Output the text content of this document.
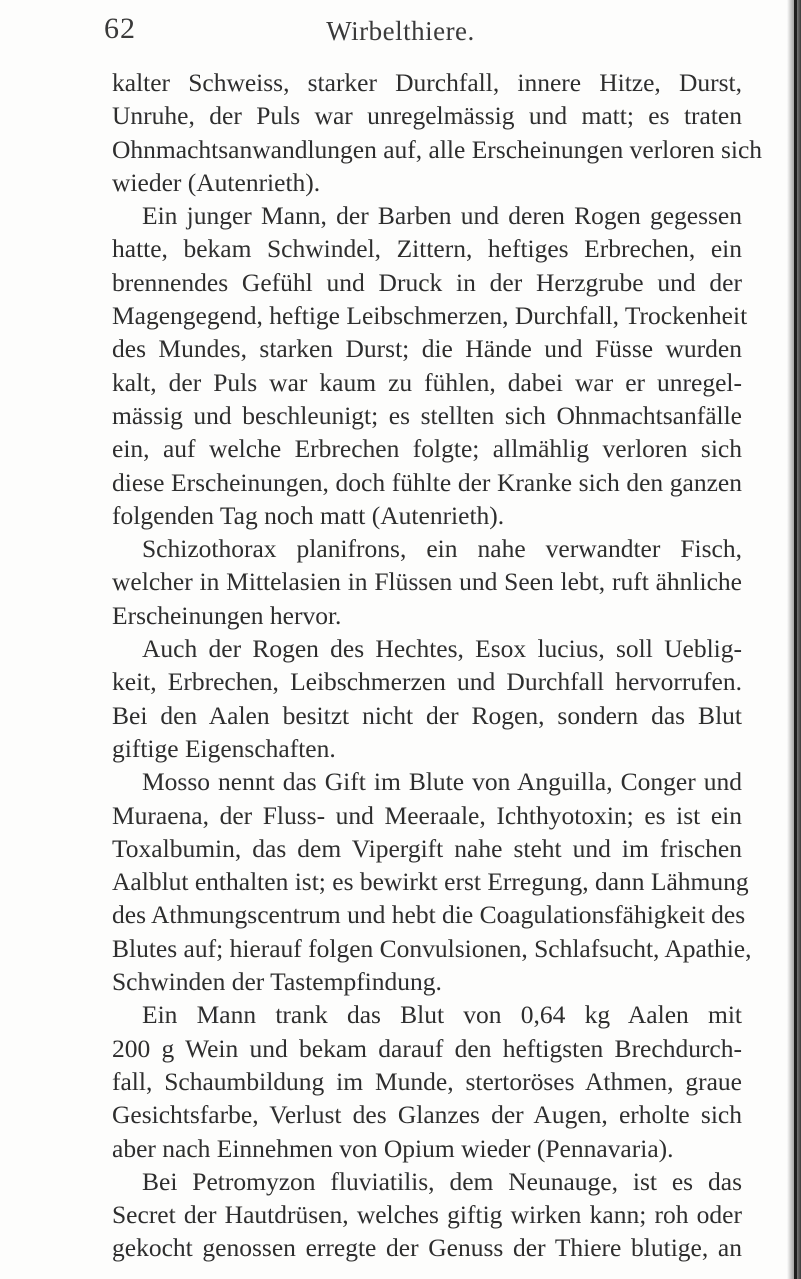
62	Wirbelthiere.
kalter Schweiss, starker Durchfall, innere Hitze, Durst,
Unruhe, der Puls war unregelmässig und matt; es traten
Ohnmachtsanwandlungen auf, alle Erscheinungen verloren sich
wieder (Autenrieth).
Ein junger Mann, der Barben und deren Rogen gegessen
hatte, bekam Schwindel, Zittern, heftiges Erbrechen, ein
brennendes Gefühl und Druck in der Herzgrube und der
Magengegend, heftige Leibschmerzen, Durchfall, Trockenheit
des Mundes, starken Durst; die Hände und Füsse wurden
kalt, der Puls war kaum zu fühlen, dabei war er unregel-
mässig und beschleunigt; es stellten sich Ohnmachtsanfälle
ein, auf welche Erbrechen folgte; allmählig verloren sich
diese Erscheinungen, doch fühlte der Kranke sich den ganzen
folgenden Tag noch matt (Autenrieth).
Schizothorax planifrons, ein nahe verwandter Fisch,
welcher in Mittelasien in Flüssen und Seen lebt, ruft ähnliche
Erscheinungen hervor.
Auch der Rogen des Hechtes, Esox lucius, soll Ueblig-
keit, Erbrechen, Leibschmerzen und Durchfall hervorrufen.
Bei den Aalen besitzt nicht der Rogen, sondern das Blut
giftige Eigenschaften.
Mosso nennt das Gift im Blute von Anguilla, Conger und
Muraena, der Fluss- und Meeraale, Ichthyotoxin; es ist ein
Toxalbumin, das dem Vipergift nahe steht und im frischen
Aalblut enthalten ist; es bewirkt erst Erregung, dann Lähmung
des Athmungscentrum und hebt die Coagulationsfähigkeit des
Blutes auf; hierauf folgen Convulsionen, Schlafsucht, Apathie,
Schwinden der Tastempfindung.
Ein Mann trank das Blut von 0,64 kg Aalen mit
200 g Wein und bekam darauf den heftigsten Brechdurch-
fall, Schaumbildung im Munde, stertoröses Athmen, graue
Gesichtsfarbe, Verlust des Glanzes der Augen, erholte sich
aber nach Einnehmen von Opium wieder (Pennavaria).
Bei Petromyzon fluviatilis, dem Neunauge, ist es das
Secret der Hautdrüsen, welches giftig wirken kann; roh oder
gekocht genossen erregte der Genuss der Thiere blutige, an
